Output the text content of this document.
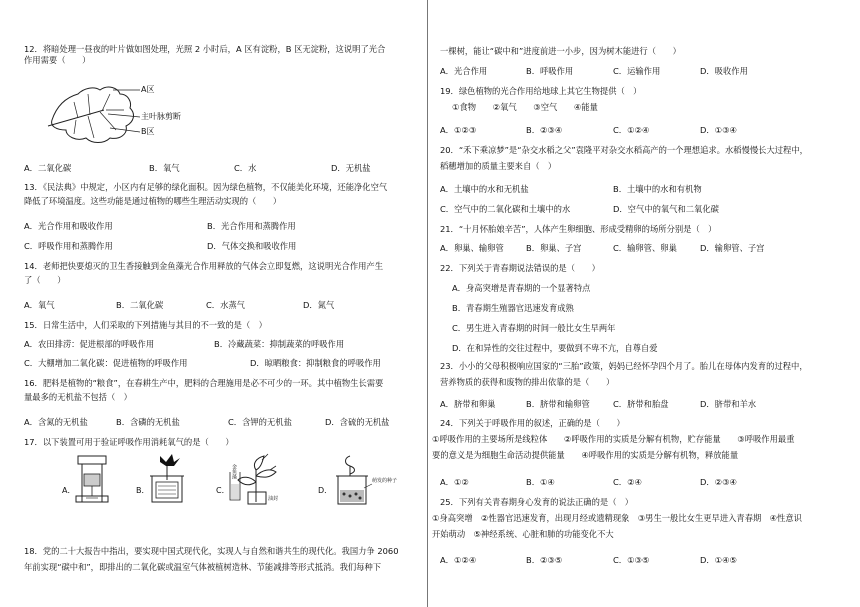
12．将暗处理一昼夜的叶片做如图处理，光照 2 小时后，A 区有淀粉，B 区无淀粉，这说明了光合
作用需要（　　）
A区
主叶脉剪断
B区
A．二氧化碳	B．氧气	C．水	D．无机盐
13．《民法典》中规定，小区内有足够的绿化面积。因为绿色植物，不仅能美化环境，还能净化空气
降低了环境温度。这些功能是通过植物的哪些生理活动实现的（　　）
A．光合作用和吸收作用	B．光合作用和蒸腾作用
C．呼吸作用和蒸腾作用	D．气体交换和吸收作用
14．老师把快要熄灭的卫生香接触到金鱼藻光合作用释放的气体会立即复燃，这说明光合作用产生
了（　　）
A．氧气	B．二氧化碳	C．水蒸气	D．氮气
15．日常生活中，人们采取的下列措施与其目的不一致的是（　）
A．农田排涝：促进根部的呼吸作用	B．冷藏蔬菜：抑制蔬菜的呼吸作用
C．大棚增加二氧化碳：促进植物的呼吸作用	D．晾晒粮食：抑制粮食的呼吸作用
16．肥料是植物的“粮食”，在春耕生产中，肥料的合理施用是必不可少的一环。其中植物生长需要
量最多的无机盐不包括（　）
A．含氮的无机盐	B．含磷的无机盐	C．含钾的无机盐	D．含硫的无机盐
17．以下装置可用于验证呼吸作用消耗氧气的是（　　）
A．	B．	C．
金鱼藻
油封
D．
萌发的种子
18．党的二十大报告中指出，要实现中国式现代化，实现人与自然和谐共生的现代化。我国力争 2060
年前实现“碳中和”，即排出的二氧化碳或温室气体被植树造林、节能减排等形式抵消。我们每种下
一棵树，能让“碳中和”进度前进一小步，因为树木能进行（　　）
A．光合作用	B．呼吸作用	C．运输作用	D．吸收作用
19．绿色植物的光合作用给地球上其它生物提供（　）
①食物　　②氧气　　③空气　　④能量
A．①②③	B．②③④	C．①②④	D．①③④
20．“禾下乘凉梦”是“杂交水稻之父”袁隆平对杂交水稻高产的一个理想追求。水稻慢慢长大过程中，
稻穗增加的质量主要来自（　）
A．土壤中的水和无机盐	B．土壤中的水和有机物
C．空气中的二氧化碳和土壤中的水	D．空气中的氧气和二氧化碳
21．“十月怀胎娘辛苦”，人体产生卵细胞、形成受精卵的场所分别是（　）
A．卵巢、输卵管	B．卵巢、子宫	C．输卵管、卵巢	D．输卵管、子宫
22．下列关于青春期说法错误的是（　　）
A．身高突增是青春期的一个显著特点
B．青春期生殖器官迅速发育成熟
C．男生进入青春期的时间一般比女生早两年
D．在和异性的交往过程中，要做到不卑不亢，自尊自爱
23．小小的父母积极响应国家的“三胎”政策，妈妈已经怀孕四个月了。胎儿在母体内发育的过程中，
营养物质的获得和废物的排出依靠的是（　　）
A．脐带和卵巢	B．脐带和输卵管	C．脐带和胎盘	D．脐带和羊水
24．下列关于呼吸作用的叙述，正确的是（　　）
①呼吸作用的主要场所是线粒体　　②呼吸作用的实质是分解有机物，贮存能量　　③呼吸作用最重
要的意义是为细胞生命活动提供能量　　④呼吸作用的实质是分解有机物，释放能量
A．①②	B．①④	C．②④	D．②③④
25．下列有关青春期身心发育的说法正确的是（　）
①身高突增　②性器官迅速发育，出现月经或遗精现象　③男生一般比女生更早进入青春期　④性意识
开始萌动　⑤神经系统、心脏和肺的功能变化不大
A．①②④	B．②③⑤	C．①③⑤	D．①④⑤
